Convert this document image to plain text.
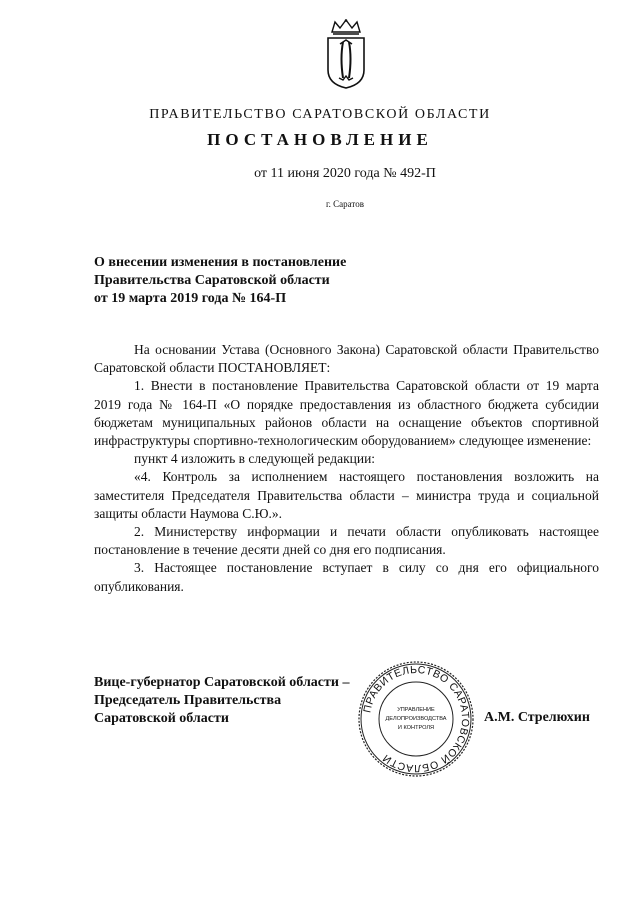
ПРАВИТЕЛЬСТВО САРАТОВСКОЙ ОБЛАСТИ
ПОСТАНОВЛЕНИЕ
от 11 июня 2020 года № 492-П
г. Саратов
О внесении изменения в постановление
Правительства Саратовской области
от 19 марта 2019 года № 164-П

На основании Устава (Основного Закона) Саратовской области Правительство Саратовской области ПОСТАНОВЛЯЕТ:

1. Внести в постановление Правительства Саратовской области от 19 марта 2019 года № 164-П «О порядке предоставления из областного бюджета субсидии бюджетам муниципальных районов области на оснащение объектов спортивной инфраструктуры спортивно-технологическим оборудованием» следующее изменение:

пункт 4 изложить в следующей редакции:

«4. Контроль за исполнением настоящего постановления возложить на заместителя Председателя Правительства области – министра труда и социальной защиты области Наумова С.Ю.».

2. Министерству информации и печати области опубликовать настоящее постановление в течение десяти дней со дня его подписания.

3. Настоящее постановление вступает в силу со дня его официального опубликования.

Вице-губернатор Саратовской области –
Председатель Правительства
Саратовской области
ПРАВИТЕЛЬСТВО САРАТОВСКОЙ ОБЛАСТИ
УПРАВЛЕНИЕ
ДЕЛОПРОИЗВОДСТВА
И КОНТРОЛЯ
А.М. Стрелюхин
